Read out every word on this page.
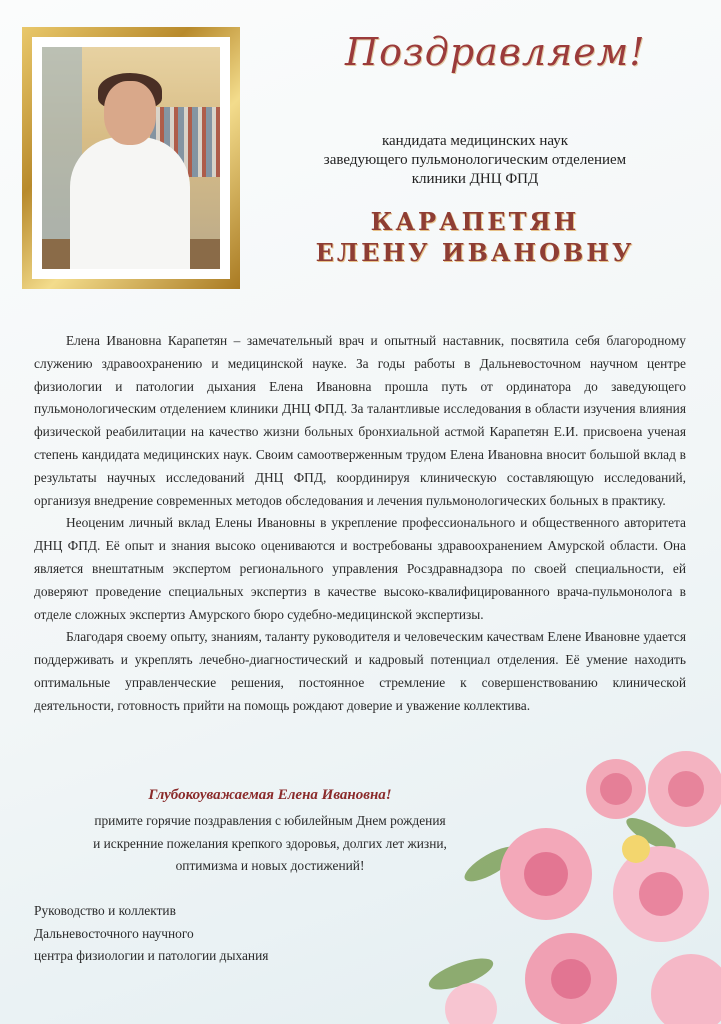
Поздравляем!
кандидата медицинских наук
заведующего пульмонологическим отделением
клиники ДНЦ ФПД
КАРАПЕТЯН
ЕЛЕНУ ИВАНОВНУ

Елена Ивановна Карапетян – замечательный врач и опытный наставник, посвятила себя благородному служению здравоохранению и медицинской науке. За годы работы в Дальневосточном научном центре физиологии и патологии дыхания Елена Ивановна прошла путь от ординатора до заведующего пульмонологическим отделением клиники ДНЦ ФПД. За талантливые исследования в области изучения влияния физической реабилитации на качество жизни больных бронхиальной астмой Карапетян Е.И. присвоена ученая степень кандидата медицинских наук. Своим самоотверженным трудом Елена Ивановна вносит большой вклад в результаты научных исследований ДНЦ ФПД, координируя клиническую составляющую исследований, организуя внедрение современных методов обследования и лечения пульмонологических больных в практику.

Неоценим личный вклад Елены Ивановны в укрепление профессионального и общественного авторитета ДНЦ ФПД. Её опыт и знания высоко оцениваются и востребованы здравоохранением Амурской области. Она является внештатным экспертом регионального управления Росздравнадзора по своей специальности, ей доверяют проведение специальных экспертиз в качестве высоко-квалифицированного врача-пульмонолога в отделе сложных экспертиз Амурского бюро судебно-медицинской экспертизы.

Благодаря своему опыту, знаниям, таланту руководителя и человеческим качествам Елене Ивановне удается поддерживать и укреплять лечебно-диагностический и кадровый потенциал отделения. Её умение находить оптимальные управленческие решения, постоянное стремление к совершенствованию клинической деятельности, готовность прийти на помощь рождают доверие и уважение коллектива.

Глубокоуважаемая Елена Ивановна!
примите горячие поздравления с юбилейным Днем рождения
и искренние пожелания крепкого здоровья, долгих лет жизни,
оптимизма и новых достижений!
Руководство и коллектив
Дальневосточного научного
центра физиологии и патологии дыхания
